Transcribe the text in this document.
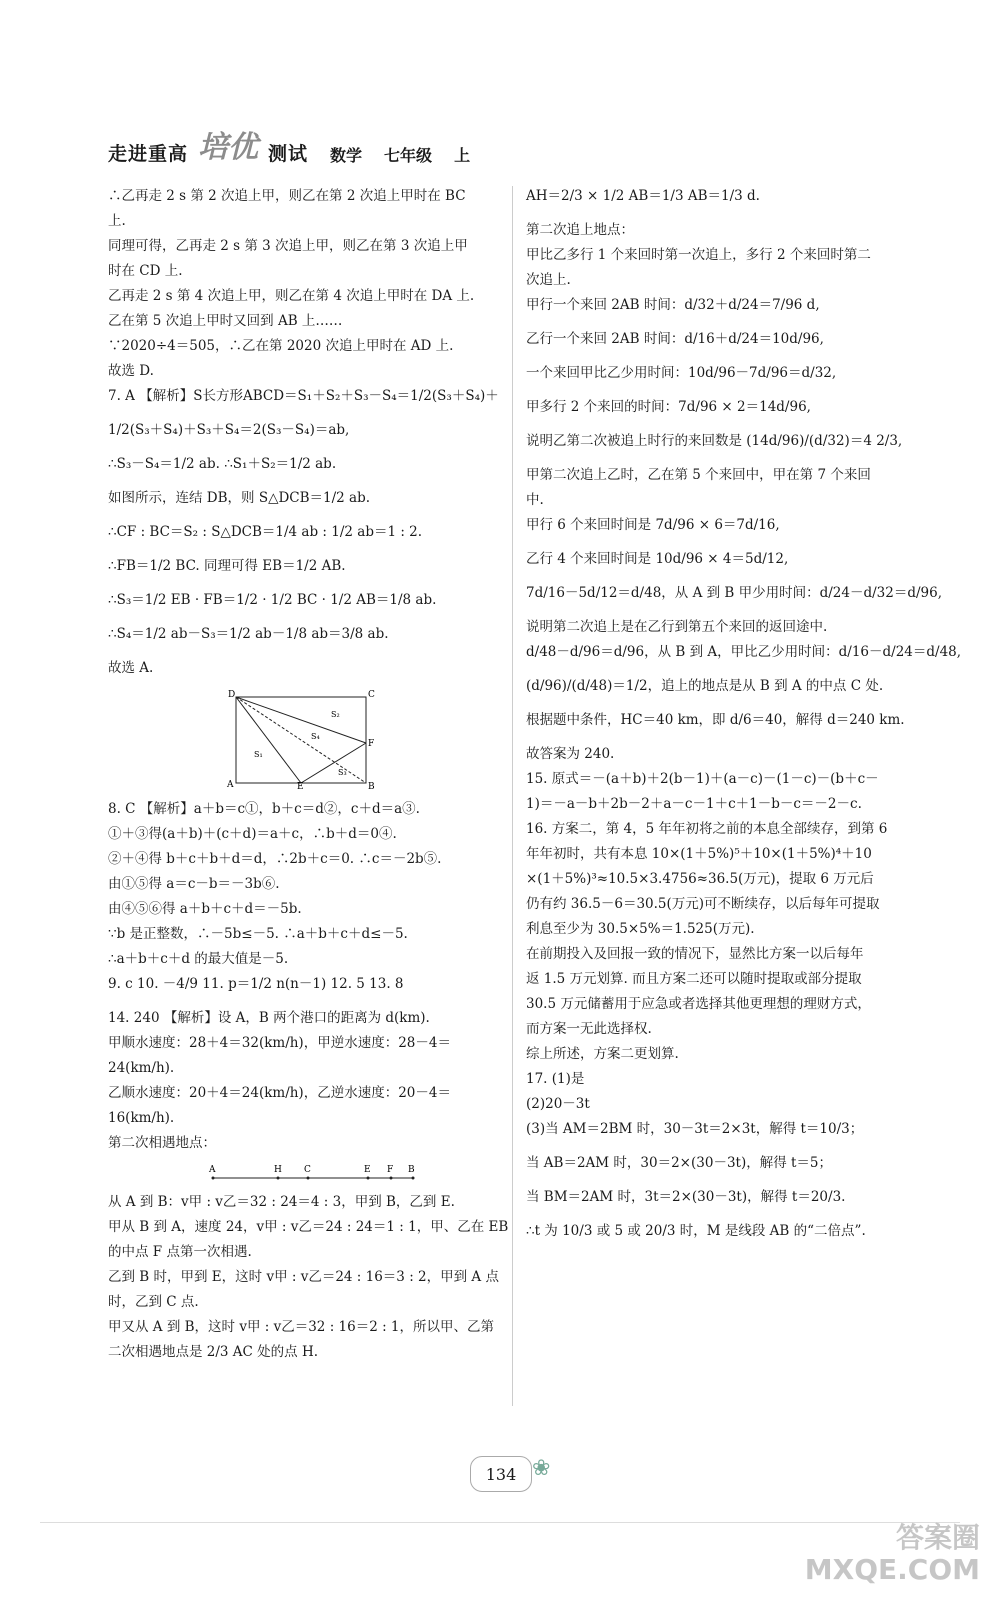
走进重高 培优 测试 数学 七年级 上
∴乙再走 2 s 第 2 次追上甲，则乙在第 2 次追上甲时在 BC
上.
同理可得，乙再走 2 s 第 3 次追上甲，则乙在第 3 次追上甲
时在 CD 上.
乙再走 2 s 第 4 次追上甲，则乙在第 4 次追上甲时在 DA 上.
乙在第 5 次追上甲时又回到 AB 上……
∵2020÷4＝505，∴乙在第 2020 次追上甲时在 AD 上.
故选 D.
7. A 【解析】S长方形ABCD＝S₁＋S₂＋S₃－S₄＝1/2(S₃＋S₄)＋
1/2(S₃＋S₄)＋S₃＋S₄＝2(S₃－S₄)＝ab,
∴S₃－S₄＝1/2 ab. ∴S₁＋S₂＝1/2 ab.
如图所示，连结 DB，则 S△DCB＝1/2 ab.
∴CF : BC＝S₂ : S△DCB＝1/4 ab : 1/2 ab＝1 : 2.
∴FB＝1/2 BC. 同理可得 EB＝1/2 AB.
∴S₃＝1/2 EB · FB＝1/2 · 1/2 BC · 1/2 AB＝1/8 ab.
∴S₄＝1/2 ab－S₃＝1/2 ab－1/8 ab＝3/8 ab.
故选 A.
D	C
S₂
S₄
F
S₁
S₃
A	E	B
8. C 【解析】a＋b＝c①，b＋c＝d②，c＋d＝a③.
①＋③得(a＋b)＋(c＋d)＝a＋c，∴b＋d＝0④.
②＋④得 b＋c＋b＋d＝d，∴2b＋c＝0. ∴c＝－2b⑤.
由①⑤得 a＝c－b＝－3b⑥.
由④⑤⑥得 a＋b＋c＋d＝－5b.
∵b 是正整数，∴－5b≤－5. ∴a＋b＋c＋d≤－5.
∴a＋b＋c＋d 的最大值是－5.
9. c 10. －4/9 11. p＝1/2 n(n－1) 12. 5 13. 8
14. 240 【解析】设 A，B 两个港口的距离为 d(km).
甲顺水速度：28＋4＝32(km/h)，甲逆水速度：28－4＝
24(km/h).
乙顺水速度：20＋4＝24(km/h)，乙逆水速度：20－4＝
16(km/h).
第二次相遇地点：
A	H C	E F B
从 A 到 B：v甲 : v乙＝32 : 24＝4 : 3，甲到 B，乙到 E.
甲从 B 到 A，速度 24，v甲 : v乙＝24 : 24＝1 : 1，甲、乙在 EB
的中点 F 点第一次相遇.
乙到 B 时，甲到 E，这时 v甲 : v乙＝24 : 16＝3 : 2，甲到 A 点
时，乙到 C 点.
甲又从 A 到 B，这时 v甲 : v乙＝32 : 16＝2 : 1，所以甲、乙第
二次相遇地点是 2/3 AC 处的点 H.
AH＝2/3 × 1/2 AB＝1/3 AB＝1/3 d.
第二次追上地点：
甲比乙多行 1 个来回时第一次追上，多行 2 个来回时第二
次追上.
甲行一个来回 2AB 时间：d/32＋d/24＝7/96 d,
乙行一个来回 2AB 时间：d/16＋d/24＝10d/96,
一个来回甲比乙少用时间：10d/96－7d/96＝d/32,
甲多行 2 个来回的时间：7d/96 × 2＝14d/96,
说明乙第二次被追上时行的来回数是 (14d/96)/(d/32)＝4 2/3,
甲第二次追上乙时，乙在第 5 个来回中，甲在第 7 个来回
中.
甲行 6 个来回时间是 7d/96 × 6＝7d/16,
乙行 4 个来回时间是 10d/96 × 4＝5d/12,
7d/16－5d/12＝d/48，从 A 到 B 甲少用时间：d/24－d/32＝d/96,
说明第二次追上是在乙行到第五个来回的返回途中.
d/48－d/96＝d/96，从 B 到 A，甲比乙少用时间：d/16－d/24＝d/48,
(d/96)/(d/48)＝1/2，追上的地点是从 B 到 A 的中点 C 处.
根据题中条件，HC＝40 km，即 d/6＝40，解得 d＝240 km.
故答案为 240.
15. 原式＝－(a＋b)＋2(b－1)＋(a－c)－(1－c)－(b＋c－
1)＝－a－b＋2b－2＋a－c－1＋c＋1－b－c＝－2－c.
16. 方案二，第 4，5 年年初将之前的本息全部续存，到第 6
年年初时，共有本息 10×(1＋5%)⁵＋10×(1＋5%)⁴＋10
×(1＋5%)³≈10.5×3.4756≈36.5(万元)，提取 6 万元后
仍有约 36.5－6＝30.5(万元)可不断续存，以后每年可提取
利息至少为 30.5×5%＝1.525(万元).
在前期投入及回报一致的情况下，显然比方案一以后每年
返 1.5 万元划算. 而且方案二还可以随时提取或部分提取
30.5 万元储蓄用于应急或者选择其他更理想的理财方式，
而方案一无此选择权.
综上所述，方案二更划算.
17. (1)是
(2)20－3t
(3)当 AM＝2BM 时，30－3t＝2×3t，解得 t＝10/3；
当 AB＝2AM 时，30＝2×(30－3t)，解得 t＝5；
当 BM＝2AM 时，3t＝2×(30－3t)，解得 t＝20/3.
∴t 为 10/3 或 5 或 20/3 时，M 是线段 AB 的“二倍点”.
134 ❀
答案圈
MXQE.COM
